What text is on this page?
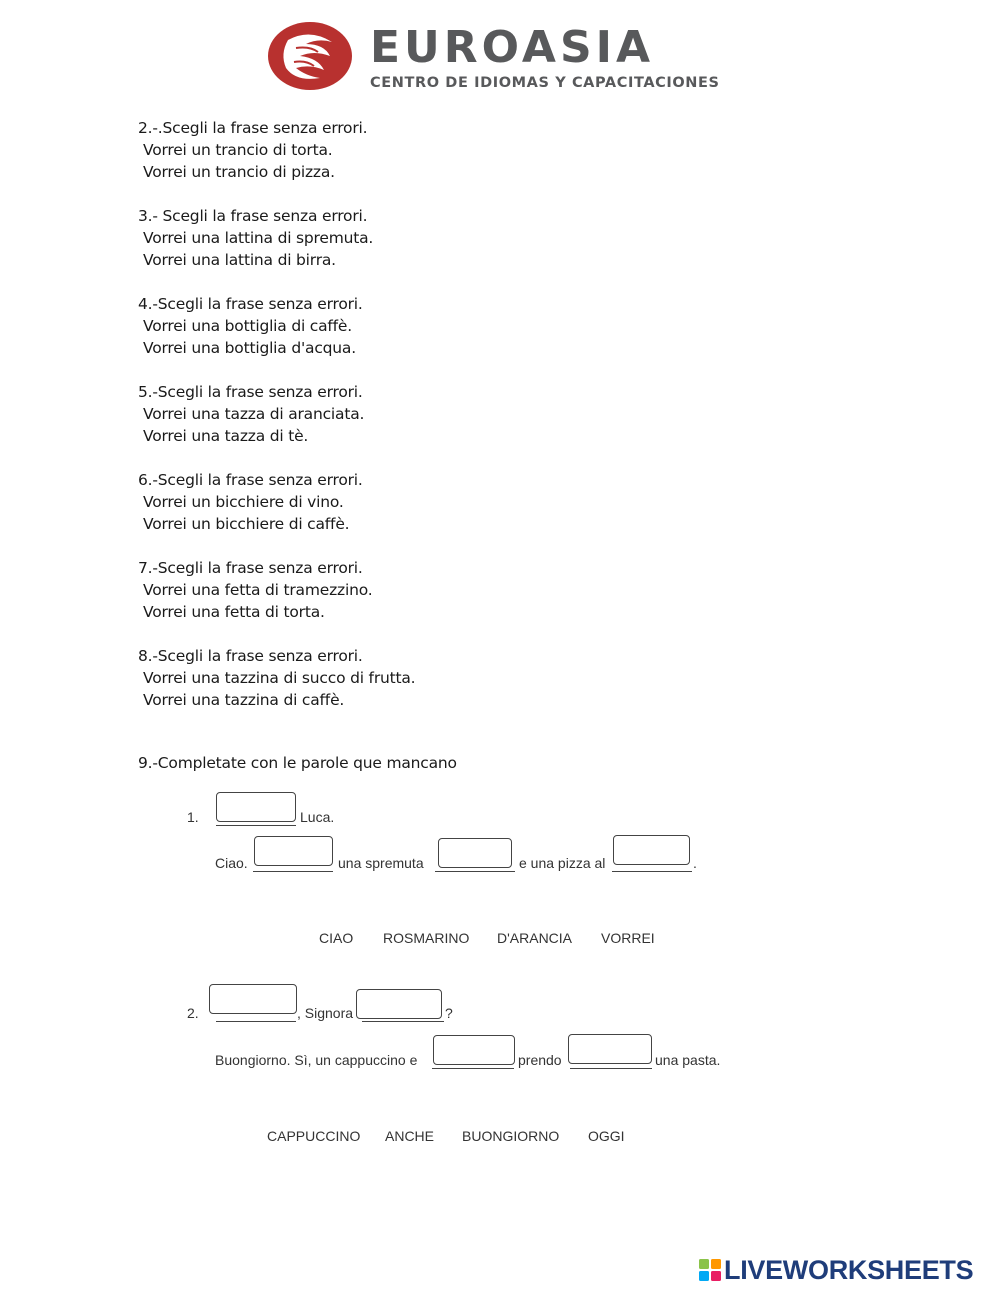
EUROASIA
CENTRO DE IDIOMAS Y CAPACITACIONES
2.-.Scegli la frase senza errori.
Vorrei un trancio di torta.
Vorrei un trancio di pizza.
3.- Scegli la frase senza errori.
Vorrei una lattina di spremuta.
Vorrei una lattina di birra.
4.-Scegli la frase senza errori.
Vorrei una bottiglia di caffè.
Vorrei una bottiglia d'acqua.
5.-Scegli la frase senza errori.
Vorrei una tazza di aranciata.
Vorrei una tazza di tè.
6.-Scegli la frase senza errori.
Vorrei un bicchiere di vino.
Vorrei un bicchiere di caffè.
7.-Scegli la frase senza errori.
Vorrei una fetta di tramezzino.
Vorrei una fetta di torta.
8.-Scegli la frase senza errori.
Vorrei una tazzina di succo di frutta.
Vorrei una tazzina di caffè.
9.-Completate con le parole que mancano
1.	Luca.
Ciao.	una spremuta	e una pizza al	.
CIAO ROSMARINO D'ARANCIA VORREI
2.	, Signora	?
Buongiorno. Sì, un cappuccino e	prendo	una pasta.
CAPPUCCINO ANCHE BUONGIORNO OGGI
LIVEWORKSHEETS
